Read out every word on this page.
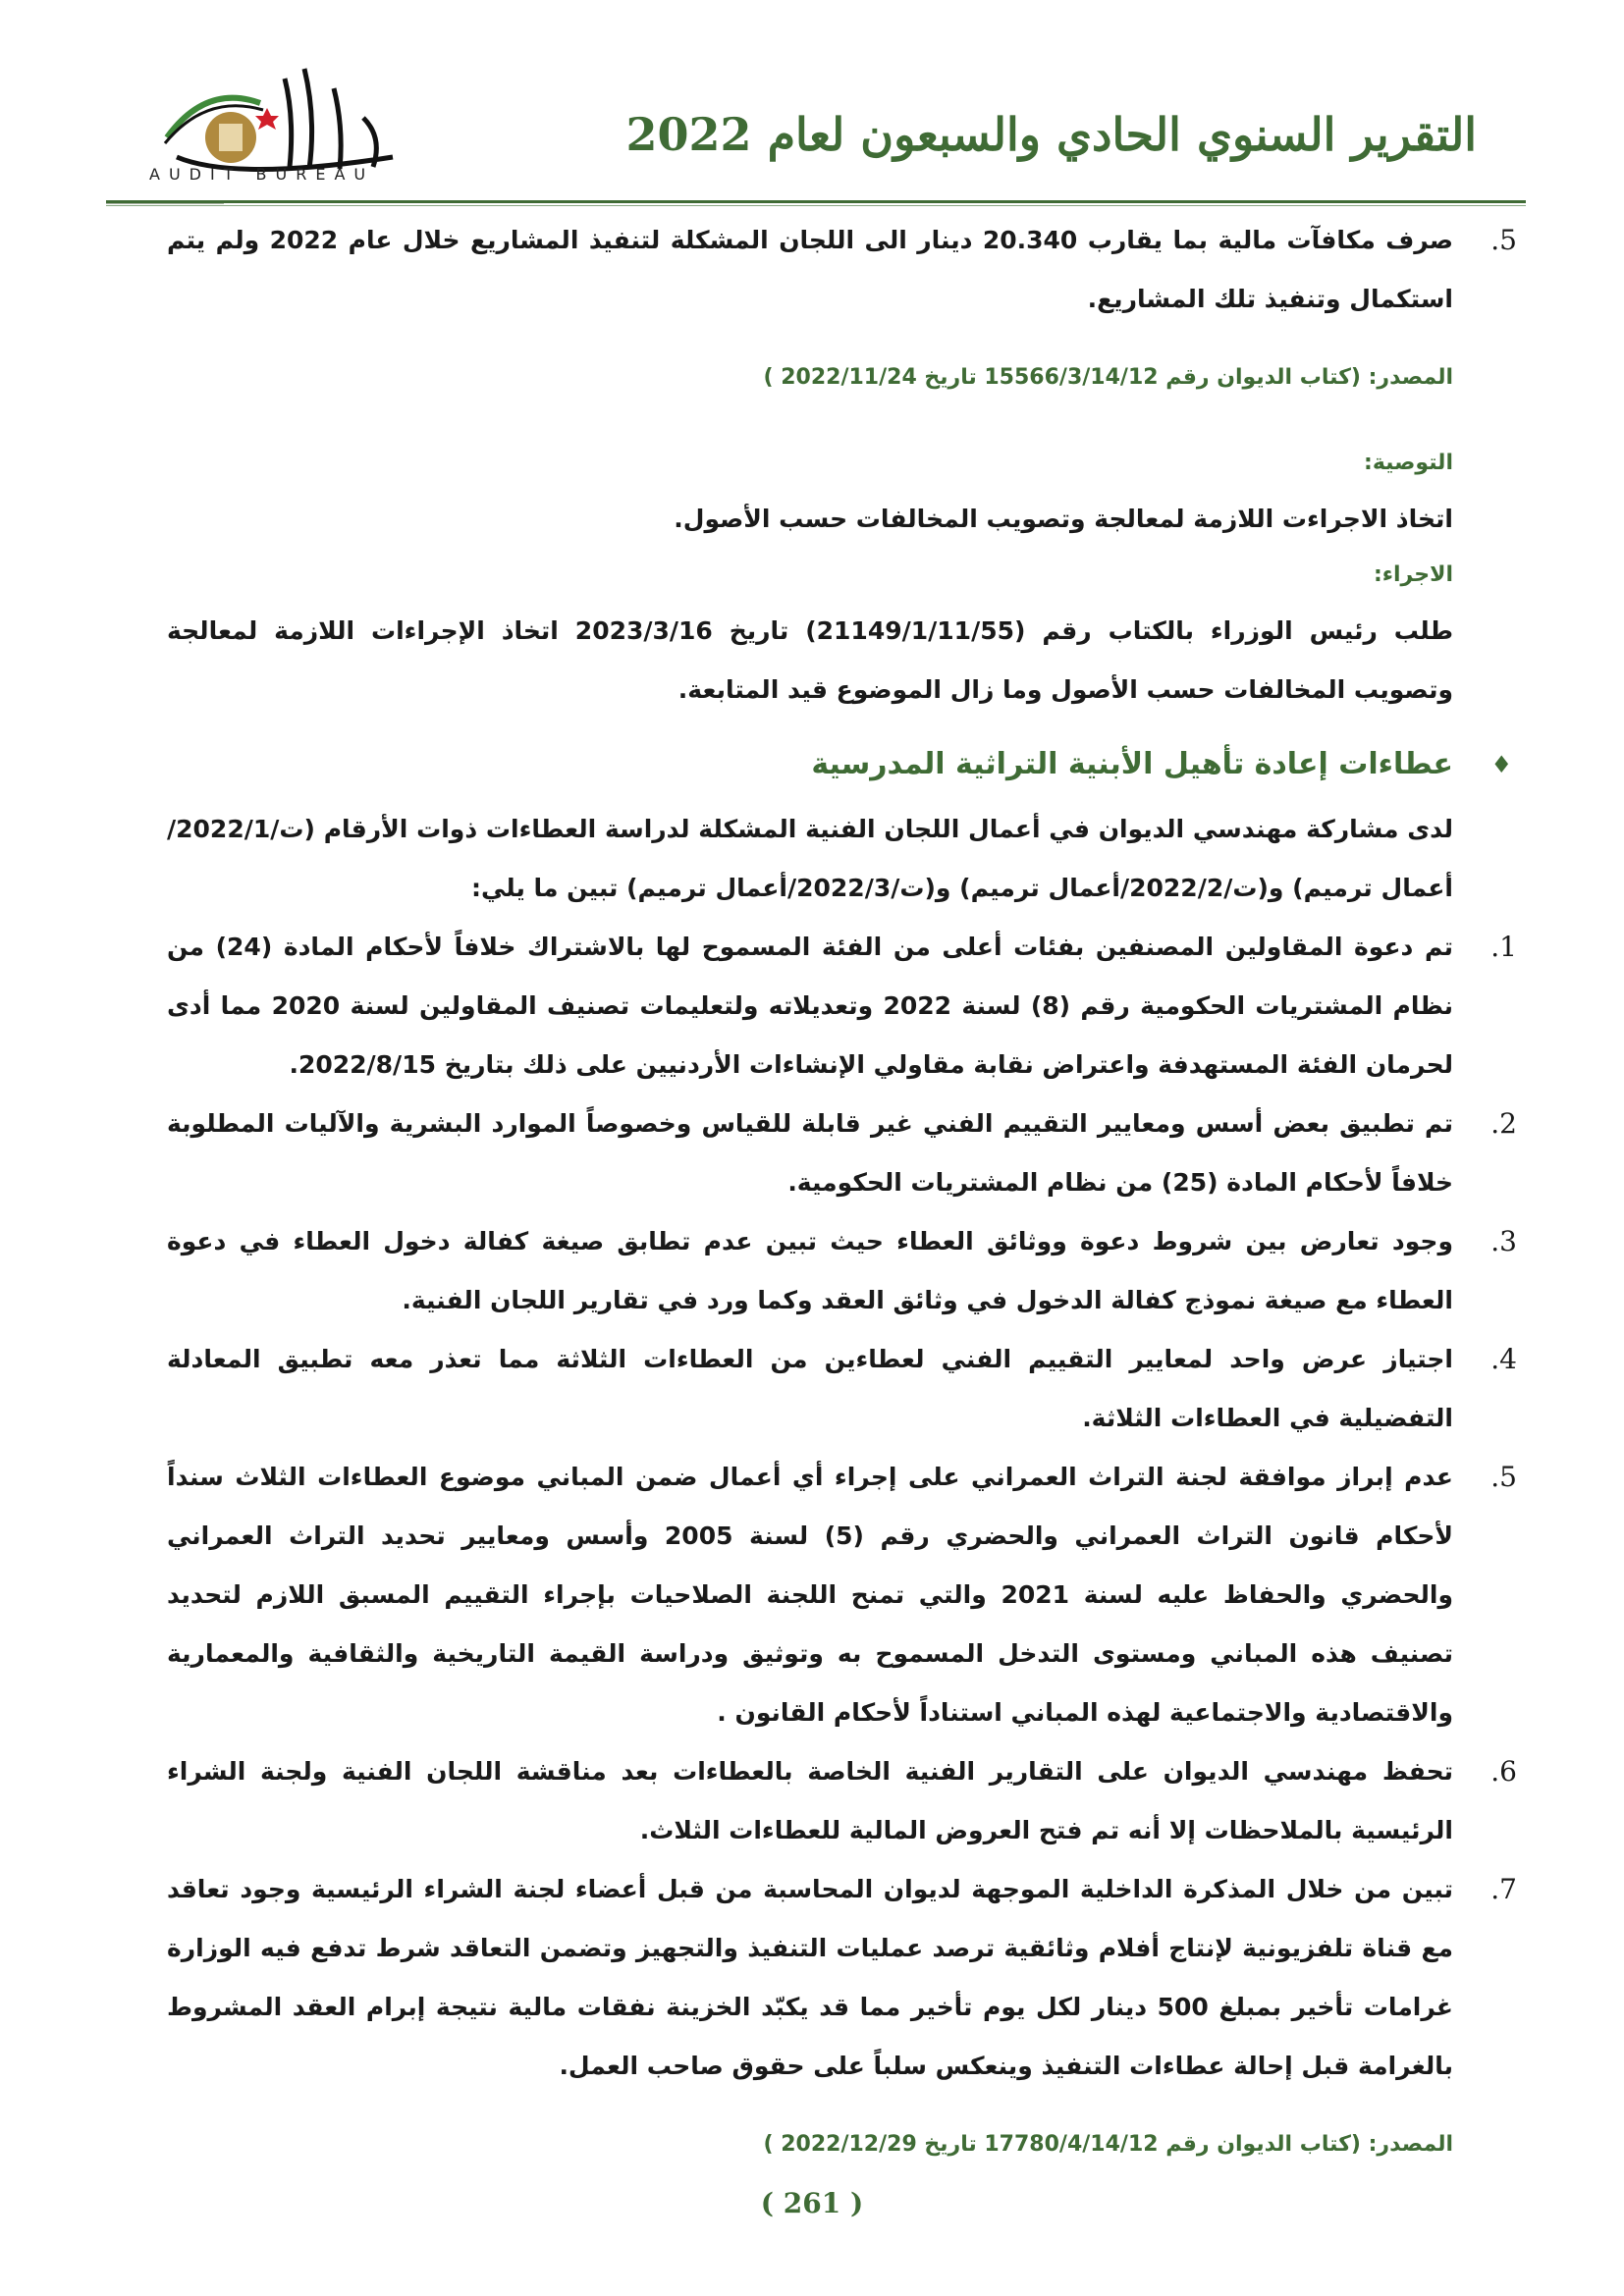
AUDIT BUREAU
التقرير السنوي الحادي والسبعون لعام 2022

.5
صرف مكافآت مالية بما يقارب 20.340 دينار الى اللجان المشكلة لتنفيذ المشاريع خلال عام 2022 ولم يتم استكمال وتنفيذ تلك المشاريع.

المصدر: (كتاب الديوان رقم 15566/3/14/12 تاريخ 2022/11/24 )
التوصية:

اتخاذ الاجراءت اللازمة لمعالجة وتصويب المخالفات حسب الأصول.

الاجراء:

طلب رئيس الوزراء بالكتاب رقم (21149/1/11/55) تاريخ 2023/3/16 اتخاذ الإجراءات اللازمة لمعالجة وتصويب المخالفات حسب الأصول وما زال الموضوع قيد المتابعة.

♦
عطاءات إعادة تأهيل الأبنية التراثية المدرسية

لدى مشاركة مهندسي الديوان في أعمال اللجان الفنية المشكلة لدراسة العطاءات ذوات الأرقام (ت/2022/1/أعمال ترميم) و(ت/2022/2/أعمال ترميم) و(ت/2022/3/أعمال ترميم) تبين ما يلي:

.1
تم دعوة المقاولين المصنفين بفئات أعلى من الفئة المسموح لها بالاشتراك خلافاً لأحكام المادة (24) من نظام المشتريات الحكومية رقم (8) لسنة 2022 وتعديلاته ولتعليمات تصنيف المقاولين لسنة 2020 مما أدى لحرمان الفئة المستهدفة واعتراض نقابة مقاولي الإنشاءات الأردنيين على ذلك بتاريخ 2022/8/15.

.2
تم تطبيق بعض أسس ومعايير التقييم الفني غير قابلة للقياس وخصوصاً الموارد البشرية والآليات المطلوبة خلافاً لأحكام المادة (25) من نظام المشتريات الحكومية.

.3
وجود تعارض بين شروط دعوة ووثائق العطاء حيث تبين عدم تطابق صيغة كفالة دخول العطاء في دعوة العطاء مع صيغة نموذج كفالة الدخول في وثائق العقد وكما ورد في تقارير اللجان الفنية.

.4
اجتياز عرض واحد لمعايير التقييم الفني لعطاءين من العطاءات الثلاثة مما تعذر معه تطبيق المعادلة التفضيلية في العطاءات الثلاثة.

.5
عدم إبراز موافقة لجنة التراث العمراني على إجراء أي أعمال ضمن المباني موضوع العطاءات الثلاث سنداً لأحكام قانون التراث العمراني والحضري رقم (5) لسنة 2005 وأسس ومعايير تحديد التراث العمراني والحضري والحفاظ عليه لسنة 2021 والتي تمنح اللجنة الصلاحيات بإجراء التقييم المسبق اللازم لتحديد تصنيف هذه المباني ومستوى التدخل المسموح به وتوثيق ودراسة القيمة التاريخية والثقافية والمعمارية والاقتصادية والاجتماعية لهذه المباني استناداً لأحكام القانون .

.6
تحفظ مهندسي الديوان على التقارير الفنية الخاصة بالعطاءات بعد مناقشة اللجان الفنية ولجنة الشراء الرئيسية بالملاحظات إلا أنه تم فتح العروض المالية للعطاءات الثلاث.

.7
تبين من خلال المذكرة الداخلية الموجهة لديوان المحاسبة من قبل أعضاء لجنة الشراء الرئيسية وجود تعاقد مع قناة تلفزيونية لإنتاج أفلام وثائقية ترصد عمليات التنفيذ والتجهيز وتضمن التعاقد شرط تدفع فيه الوزارة غرامات تأخير بمبلغ 500 دينار لكل يوم تأخير مما قد يكبّد الخزينة نفقات مالية نتيجة إبرام العقد المشروط بالغرامة قبل إحالة عطاءات التنفيذ وينعكس سلباً على حقوق صاحب العمل.

المصدر: (كتاب الديوان رقم 17780/4/14/12 تاريخ 2022/12/29 )
( 261 )
